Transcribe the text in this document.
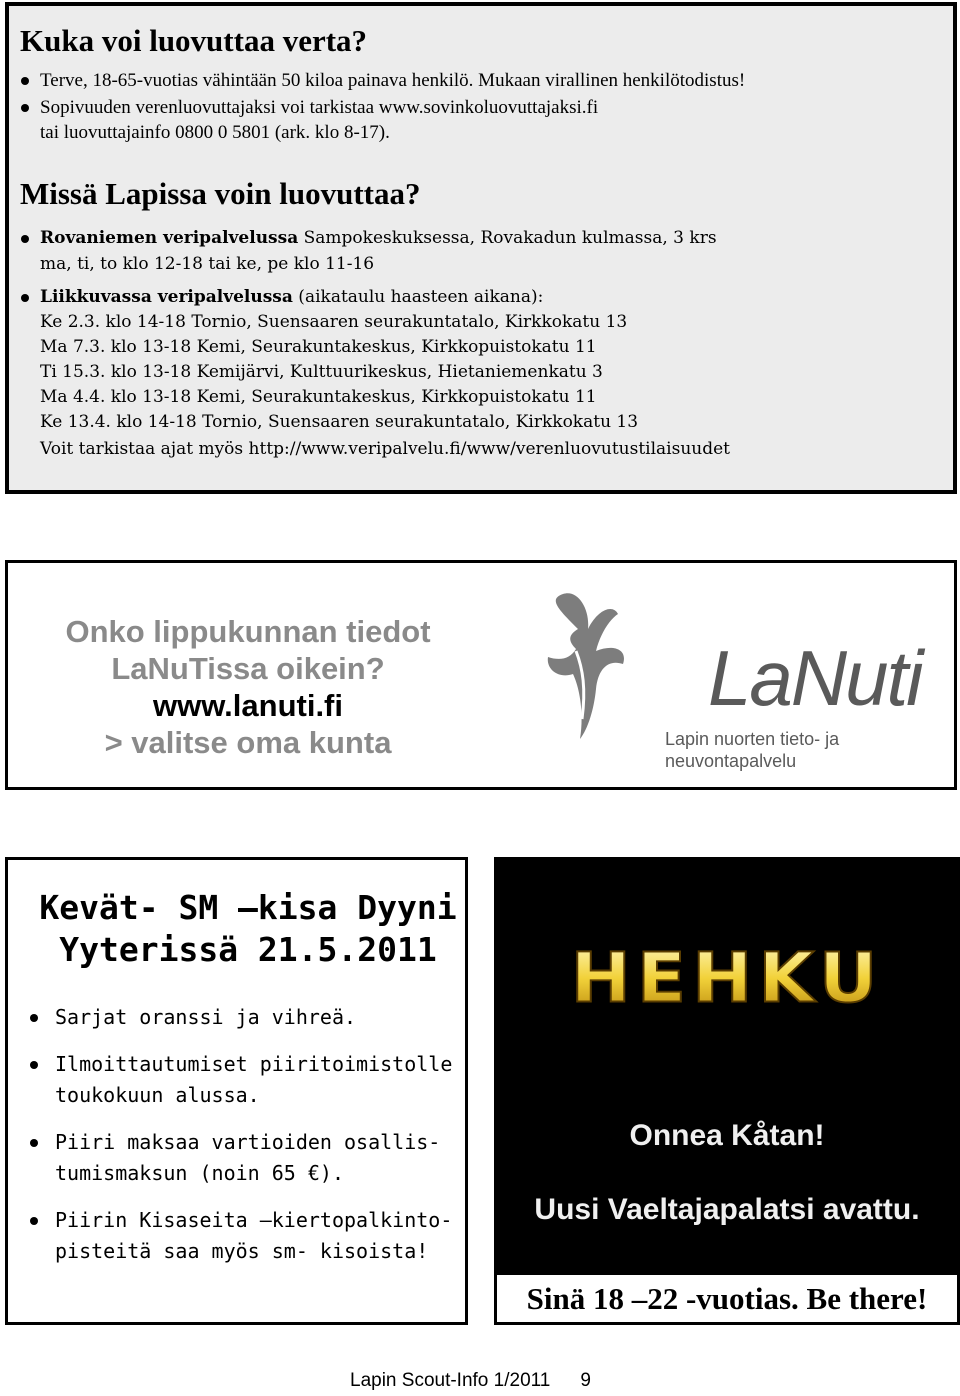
Kuka voi luovuttaa verta?
Terve, 18-65-vuotias vähintään 50 kiloa painava henkilö. Mukaan virallinen henkilötodistus!
Sopivuuden verenluovuttajaksi voi tarkistaa www.sovinkoluovuttajaksi.fi
tai luovuttajainfo 0800 0 5801 (ark. klo 8-17).
Missä Lapissa voin luovuttaa?
Rovaniemen veripalvelussa Sampokeskuksessa, Rovakadun kulmassa, 3 krs
ma, ti, to klo 12-18 tai ke, pe klo 11-16
Liikkuvassa veripalvelussa (aikataulu haasteen aikana):
Ke 2.3. klo 14-18 Tornio, Suensaaren seurakuntatalo, Kirkkokatu 13
Ma 7.3. klo 13-18 Kemi, Seurakuntakeskus, Kirkkopuistokatu 11
Ti 15.3. klo 13-18 Kemijärvi, Kulttuurikeskus, Hietaniemenkatu 3
Ma 4.4. klo 13-18 Kemi, Seurakuntakeskus, Kirkkopuistokatu 11
Ke 13.4. klo 14-18 Tornio, Suensaaren seurakuntatalo, Kirkkokatu 13
Voit tarkistaa ajat myös http://www.veripalvelu.fi/www/verenluovutustilaisuudet
Onko lippukunnan tiedot
LaNuTissa oikein?
www.lanuti.fi
> valitse oma kunta
LaNuti
Lapin nuorten tieto- ja neuvontapalvelu
Kevät- SM –kisa Dyyni Yyterissä 21.5.2011
Sarjat oranssi ja vihreä.
Ilmoittautumiset piiritoimistolle
toukokuun alussa.
Piiri maksaa vartioiden osallis-
tumismaksun (noin 65 €).
Piirin Kisaseita –kiertopalkinto-
pisteitä saa myös sm- kisoista!
HEHKU
Onnea Kåtan!
Uusi Vaeltajapalatsi avattu.
Sinä 18 –22 -vuotias. Be there!
Lapin Scout-Info 1/2011 9
